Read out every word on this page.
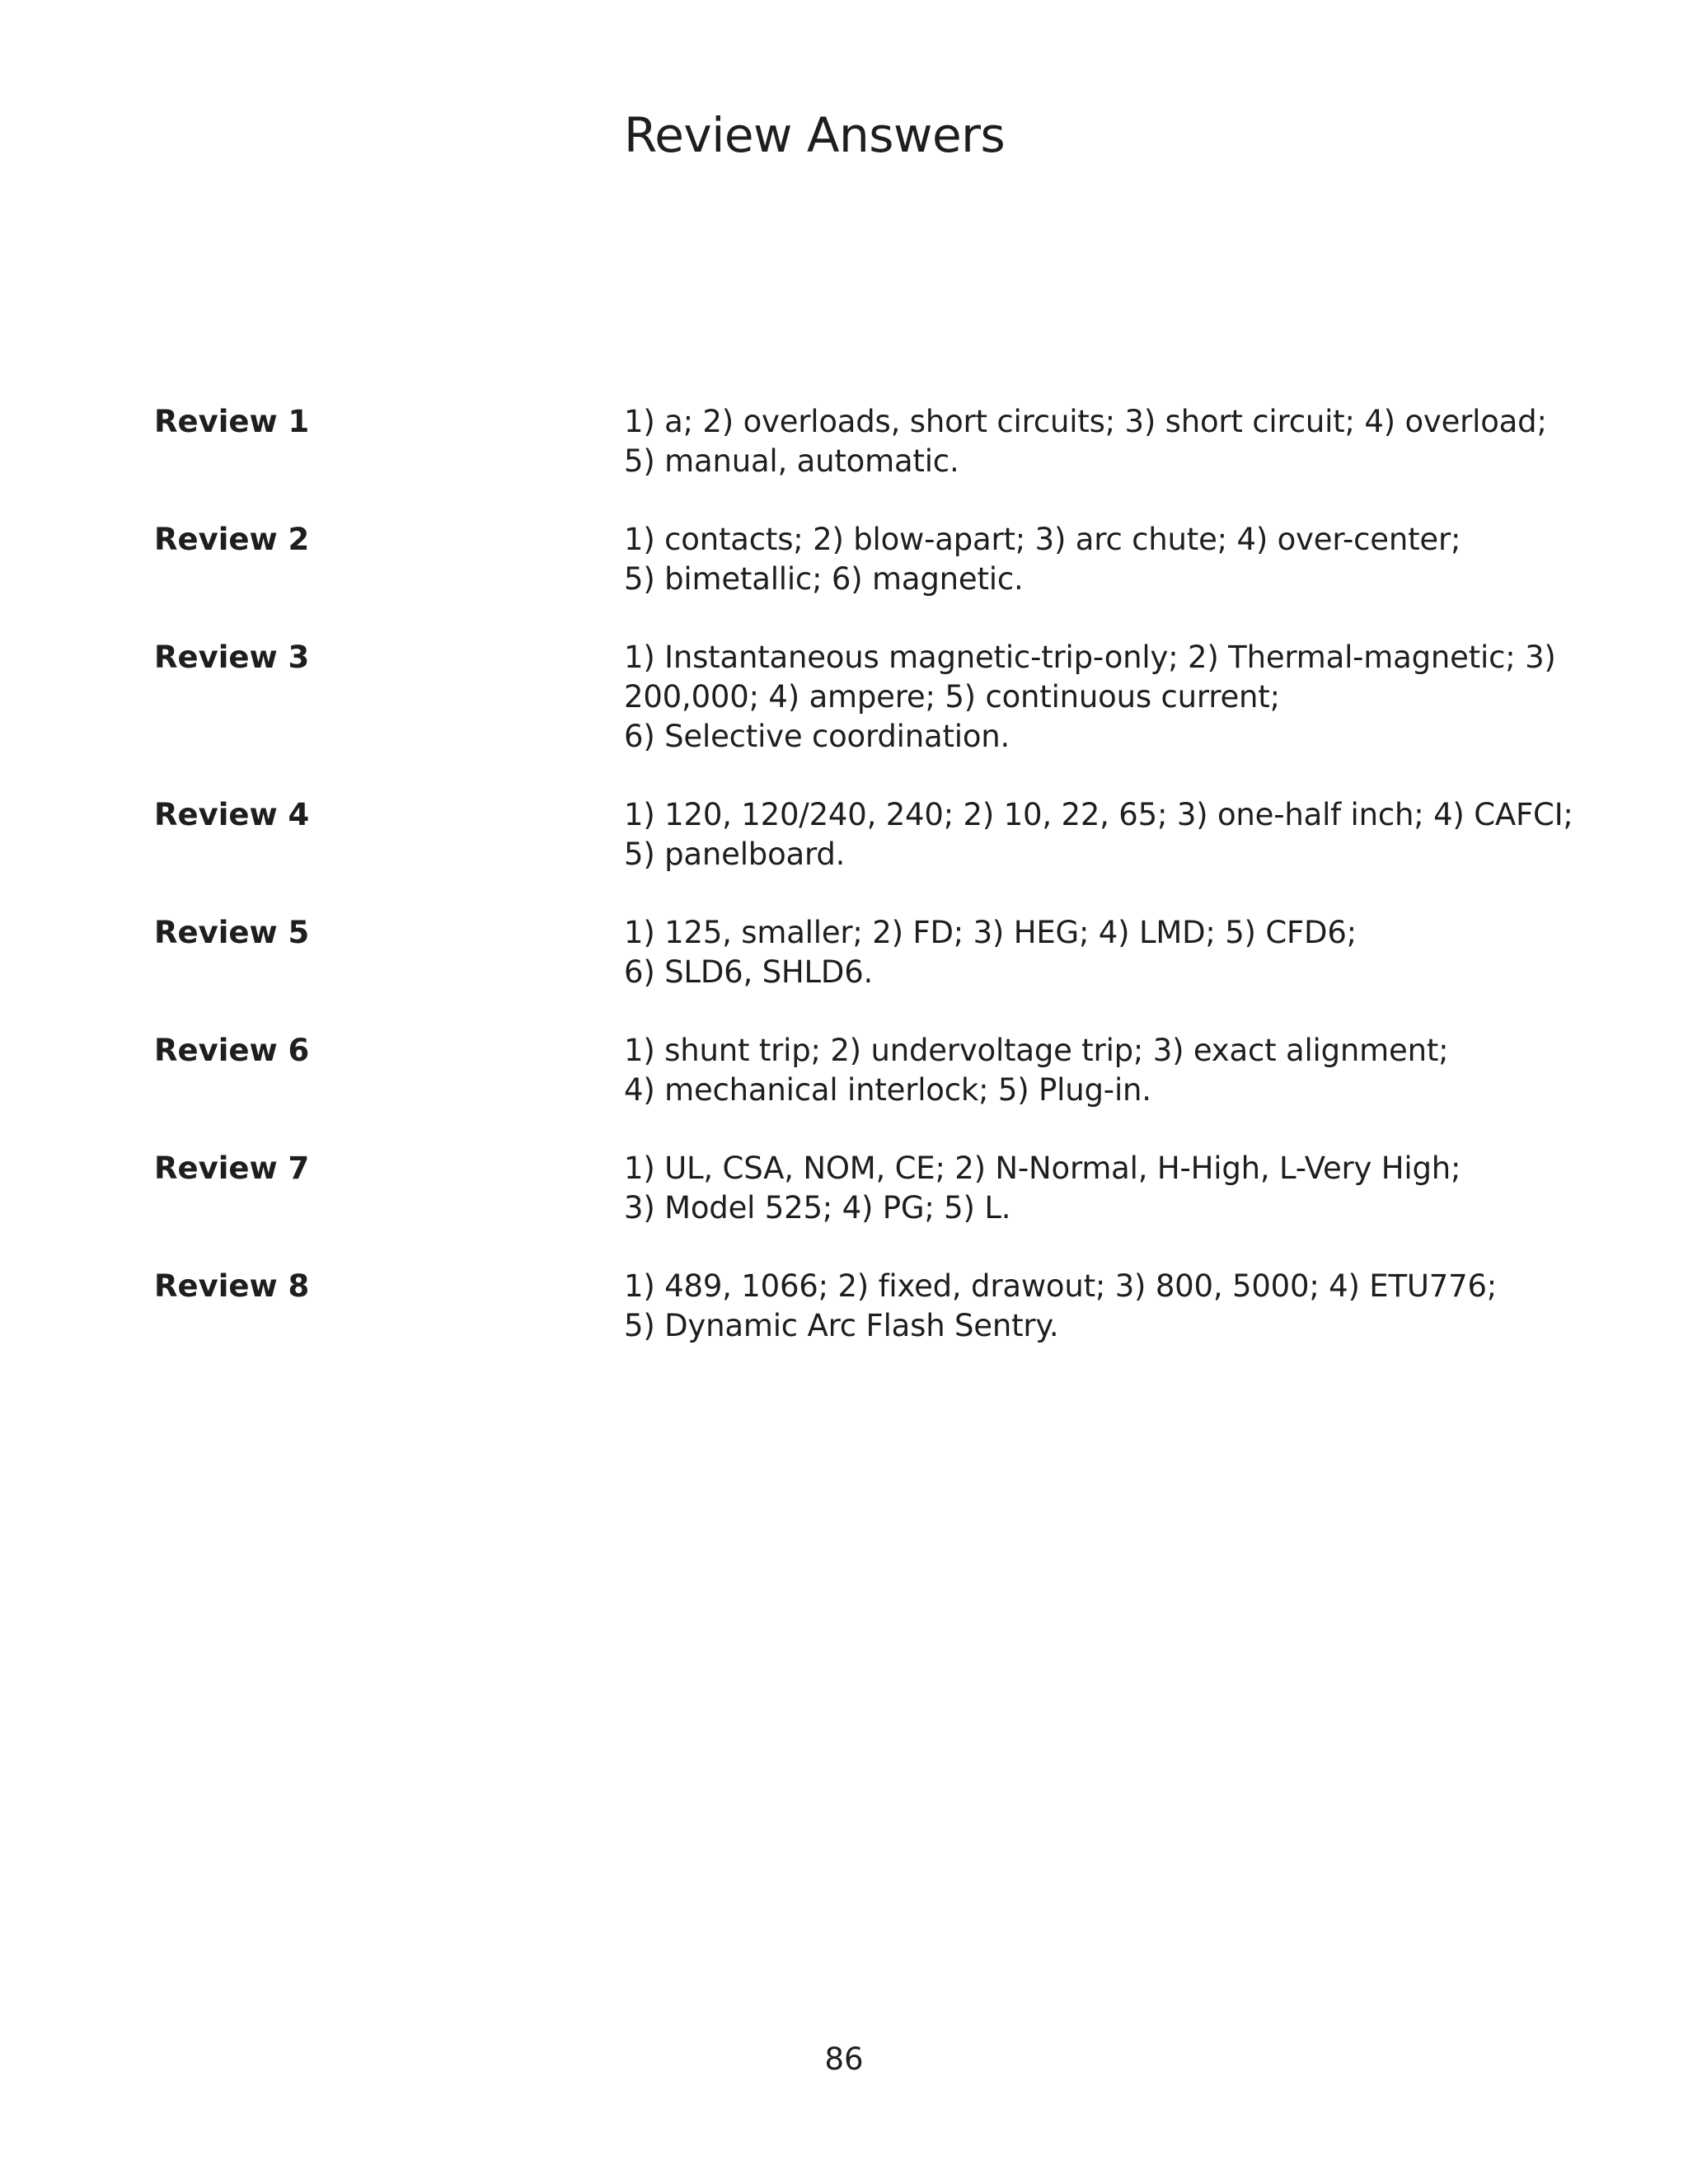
Review Answers
Review 1	1) a; 2) overloads, short circuits; 3) short circuit; 4) overload;
5) manual, automatic.
Review 2	1) contacts; 2) blow-apart; 3) arc chute; 4) over-center;
5) bimetallic; 6) magnetic.
Review 3	1) Instantaneous magnetic-trip-only; 2) Thermal-magnetic; 3)
200,000; 4) ampere; 5) continuous current;
6) Selective coordination.
Review 4	1) 120, 120/240, 240; 2) 10, 22, 65; 3) one-half inch; 4) CAFCI;
5) panelboard.
Review 5	1) 125, smaller; 2) FD; 3) HEG; 4) LMD; 5) CFD6;
6) SLD6, SHLD6.
Review 6	1) shunt trip; 2) undervoltage trip; 3) exact alignment;
4) mechanical interlock; 5) Plug-in.
Review 7	1) UL, CSA, NOM, CE; 2) N-Normal, H-High, L-Very High;
3) Model 525; 4) PG; 5) L.
Review 8	1) 489, 1066; 2) fixed, drawout; 3) 800, 5000; 4) ETU776;
5) Dynamic Arc Flash Sentry.
86
